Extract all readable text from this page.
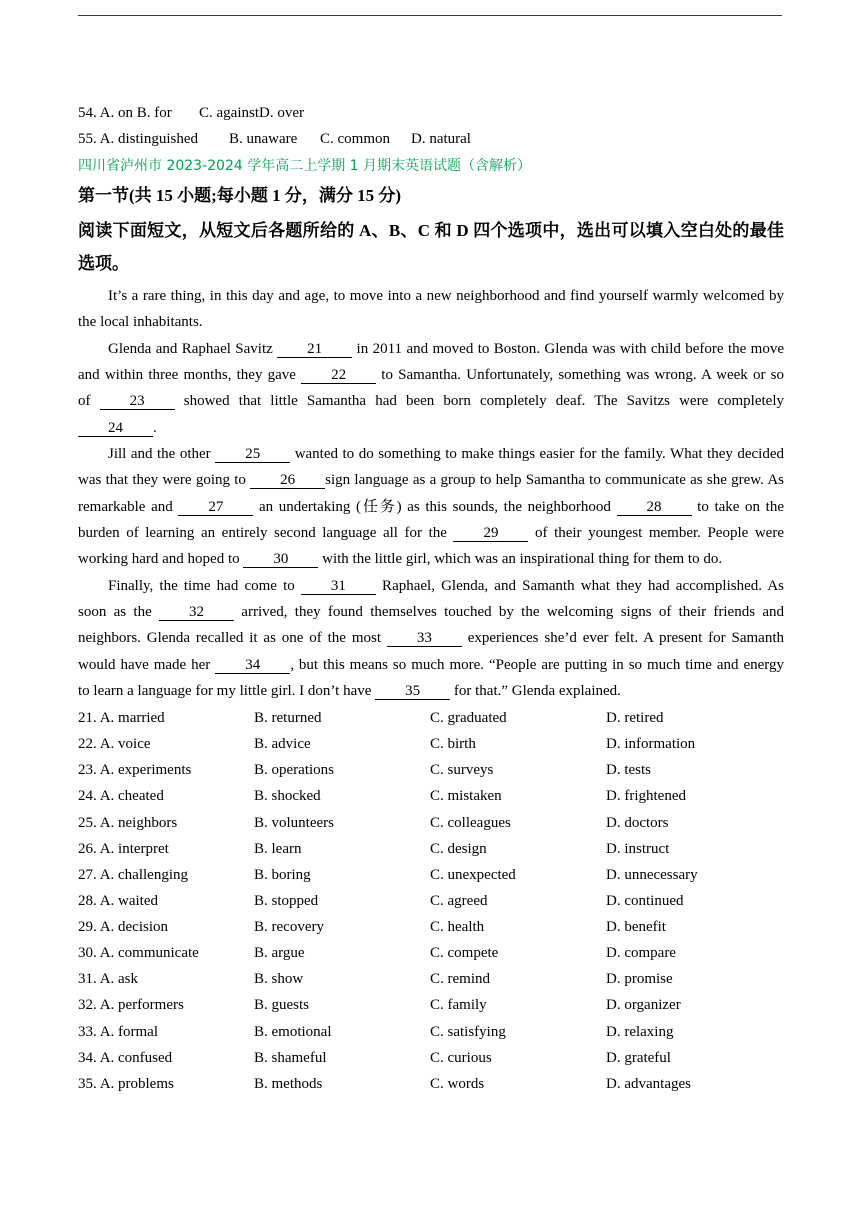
54. A. on B. for C. againstD. over
55. A. distinguished B. unaware C. common D. natural
四川省泸州市 2023-2024 学年高二上学期 1 月期末英语试题（含解析）
第一节(共 15 小题;每小题 1 分，满分 15 分)
阅读下面短文，从短文后各题所给的 A、B、C 和 D 四个选项中，选出可以填入空白处的最佳选项。
It’s a rare thing, in this day and age, to move into a new neighborhood and find yourself warmly welcomed by
the local inhabitants.
Glenda and Raphael Savitz 21 in 2011 and moved to Boston. Glenda was with child before the move
and within three months, they gave 22 to Samantha. Unfortunately, something was wrong. A week or so
of 23 showed that little Samantha had been born completely deaf. The Savitzs were completely
24 .
Jill and the other 25 wanted to do something to make things easier for the family. What they decided
was that they were going to 26 sign language as a group to help Samantha to communicate as she grew. As
remarkable and 27 an undertaking (任务) as this sounds, the neighborhood 28 to take on the
burden of learning an entirely second language all for the 29 of their youngest member. People were
working hard and hoped to 30 with the little girl, which was an inspirational thing for them to do.
Finally, the time had come to 31 Raphael, Glenda, and Samanth what they had accomplished. As
soon as the 32 arrived, they found themselves touched by the welcoming signs of their friends and
neighbors. Glenda recalled it as one of the most 33 experiences she’d ever felt. A present for Samanth
would have made her 34 , but this means so much more. “People are putting in so much time and energy
to learn a language for my little girl. I don’t have 35 for that.” Glenda explained.
21. A. married	B. returned	C. graduated	D. retired
22. A. voice	B. advice	C. birth	D. information
23. A. experiments	B. operations	C. surveys	D. tests
24. A. cheated	B. shocked	C. mistaken	D. frightened
25. A. neighbors	B. volunteers	C. colleagues	D. doctors
26. A. interpret	B. learn	C. design	D. instruct
27. A. challenging	B. boring	C. unexpected	D. unnecessary
28. A. waited	B. stopped	C. agreed	D. continued
29. A. decision	B. recovery	C. health	D. benefit
30. A. communicate	B. argue	C. compete	D. compare
31. A. ask	B. show	C. remind	D. promise
32. A. performers	B. guests	C. family	D. organizer
33. A. formal	B. emotional	C. satisfying	D. relaxing
34. A. confused	B. shameful	C. curious	D. grateful
35. A. problems	B. methods	C. words	D. advantages
